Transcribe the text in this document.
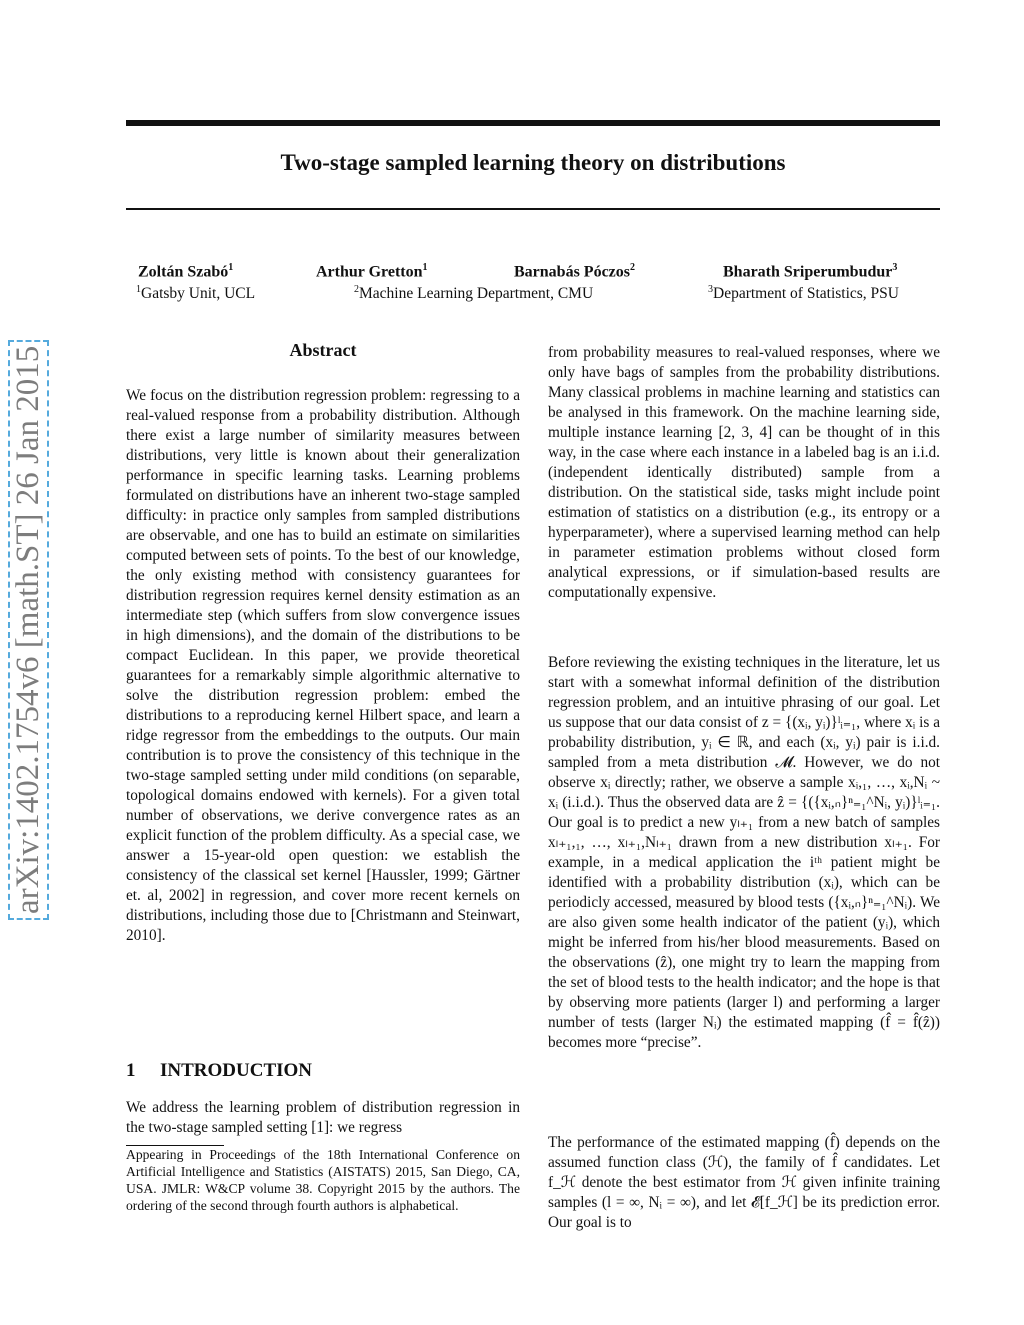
Two-stage sampled learning theory on distributions
Zoltán Szabó$^1$	Arthur Gretton$^1$	Barnabás Póczos$^2$	Bharath Sriperumbudur$^3$
$^1$Gatsby Unit, UCL	$^2$Machine Learning Department, CMU	$^3$Department of Statistics, PSU
arXiv:1402.1754v6 [math.ST] 26 Jan 2015	Abstract
We focus on the distribution regression problem: regressing to a real-valued response from a probability distribution. Although there exist a large number of similarity measures between distributions, very little is known about their generalization performance in specific learning tasks. Learning problems formulated on distributions have an inherent two-stage sampled difficulty: in practice only samples from sampled distributions are observable, and one has to build an estimate on similarities computed between sets of points. To the best of our knowledge, the only existing method with consistency guarantees for distribution regression requires kernel density estimation as an intermediate step (which suffers from slow convergence issues in high dimensions), and the domain of the distributions to be compact Euclidean. In this paper, we provide theoretical guarantees for a remarkably simple algorithmic alternative to solve the distribution regression problem: embed the distributions to a reproducing kernel Hilbert space, and learn a ridge regressor from the embeddings to the outputs. Our main contribution is to prove the consistency of this technique in the two-stage sampled setting under mild conditions (on separable, topological domains endowed with kernels). For a given total number of observations, we derive convergence rates as an explicit function of the problem difficulty. As a special case, we answer a 15-year-old open question: we establish the consistency of the classical set kernel [Haussler, 1999; Gärtner et. al, 2002] in regression, and cover more recent kernels on distributions, including those due to [Christmann and Steinwart, 2010].
1 INTRODUCTION
We address the learning problem of distribution regression in the two-stage sampled setting [1]: we regress
Appearing in Proceedings of the 18th International Conference on Artificial Intelligence and Statistics (AISTATS) 2015, San Diego, CA, USA. JMLR: W&CP volume 38. Copyright 2015 by the authors. The ordering of the second through fourth authors is alphabetical.

from probability measures to real-valued responses, where we only have bags of samples from the probability distributions. Many classical problems in machine learning and statistics can be analysed in this framework. On the machine learning side, multiple instance learning [2, 3, 4] can be thought of in this way, in the case where each instance in a labeled bag is an i.i.d. (independent identically distributed) sample from a distribution. On the statistical side, tasks might include point estimation of statistics on a distribution (e.g., its entropy or a hyperparameter), where a supervised learning method can help in parameter estimation problems without closed form analytical expressions, or if simulation-based results are computationally expensive.

Before reviewing the existing techniques in the literature, let us start with a somewhat informal definition of the distribution regression problem, and an intuitive phrasing of our goal. Let us suppose that our data consist of z = {(xᵢ, yᵢ)}ˡᵢ₌₁, where xᵢ is a probability distribution, yᵢ ∈ ℝ, and each (xᵢ, yᵢ) pair is i.i.d. sampled from a meta distribution 𝓜. However, we do not observe xᵢ directly; rather, we observe a sample xᵢ,₁, …, xᵢ,Nᵢ ~ xᵢ (i.i.d.). Thus the observed data are ẑ = {({xᵢ,ₙ}ⁿ₌₁^Nᵢ, yᵢ)}ˡᵢ₌₁. Our goal is to predict a new yₗ₊₁ from a new batch of samples xₗ₊₁,₁, …, xₗ₊₁,Nₗ₊₁ drawn from a new distribution xₗ₊₁. For example, in a medical application the iᵗʰ patient might be identified with a probability distribution (xᵢ), which can be periodicly accessed, measured by blood tests ({xᵢ,ₙ}ⁿ₌₁^Nᵢ). We are also given some health indicator of the patient (yᵢ), which might be inferred from his/her blood measurements. Based on the observations (ẑ), one might try to learn the mapping from the set of blood tests to the health indicator; and the hope is that by observing more patients (larger l) and performing a larger number of tests (larger Nᵢ) the estimated mapping (f̂ = f̂(ẑ)) becomes more “precise”.

The performance of the estimated mapping (f̂) depends on the assumed function class (ℋ), the family of f̂ candidates. Let f_ℋ denote the best estimator from ℋ given infinite training samples (l = ∞, Nᵢ = ∞), and let 𝓔[f_ℋ] be its prediction error. Our goal is to
